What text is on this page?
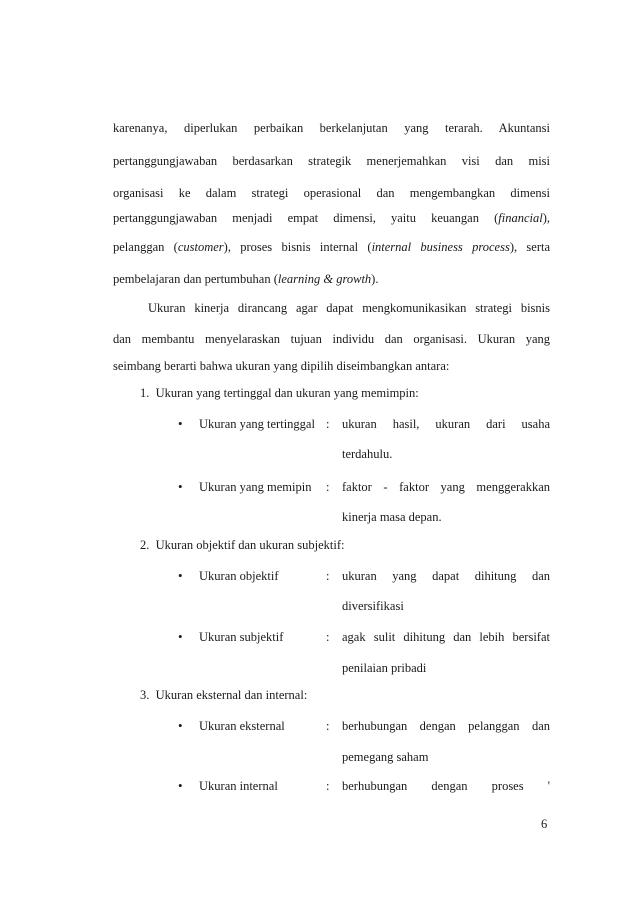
karenanya, diperlukan perbaikan berkelanjutan yang terarah. Akuntansi
pertanggungjawaban berdasarkan strategik menerjemahkan visi dan misi
organisasi ke dalam strategi operasional dan mengembangkan dimensi
pertanggungjawaban menjadi empat dimensi, yaitu keuangan (financial),
pelanggan (customer), proses bisnis internal (internal business process), serta
pembelajaran dan pertumbuhan (learning & growth).
Ukuran kinerja dirancang agar dapat mengkomunikasikan strategi bisnis
dan membantu menyelaraskan tujuan individu dan organisasi. Ukuran yang
seimbang berarti bahwa ukuran yang dipilih diseimbangkan antara:
1. Ukuran yang tertinggal dan ukuran yang memimpin:
• Ukuran yang tertinggal : ukuran hasil, ukuran dari usaha
terdahulu.
• Ukuran yang memipin : faktor - faktor yang menggerakkan
kinerja masa depan.
2. Ukuran objektif dan ukuran subjektif:
• Ukuran objektif	: ukuran yang dapat dihitung dan
diversifikasi
• Ukuran subjektif	: agak sulit dihitung dan lebih bersifat
penilaian pribadi
3. Ukuran eksternal dan internal:
• Ukuran eksternal	: berhubungan dengan pelanggan dan
pemegang saham
• Ukuran internal	: berhubungan dengan proses '
6
